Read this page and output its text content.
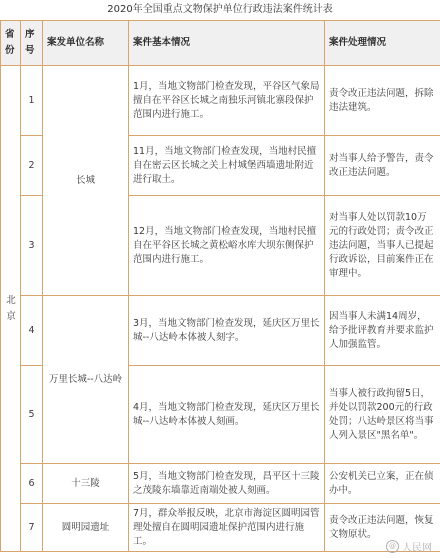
2020年全国重点文物保护单位行政违法案件统计表
省份	序号	案发单位名称	案件基本情况	案件处理情况
北京	1	长城	1月，当地文物部门检查发现，平谷区气象局擅自在平谷区长城之南独乐河镇北寨段保护范围内进行施工。	责令改正违法问题，拆除违法建筑。
	2		11月，当地文物部门检查发现，当地村民擅自在密云区长城之关上村城堡西墙遗址附近进行取土。	对当事人给予警告，责令改正违法问题。
	3		12月，当地文物部门检查发现，当地村民擅自在平谷区长城之黄松峪水库大坝东侧保护范围内进行施工。	对当事人处以罚款10万元的行政处罚；责令改正违法问题，当事人已提起行政诉讼，目前案件正在审理中。
	4	万里长城--八达岭	3月，当地文物部门检查发现，延庆区万里长城--八达岭本体被人刻字。	因当事人未满14周岁，给予批评教育并要求监护人加强监管。
	5		4月，当地文物部门检查发现，延庆区万里长城--八达岭本体被人刻画。	当事人被行政拘留5日，并处以罚款200元的行政处罚；八达岭景区将当事人列入景区"黑名单"。
	6	十三陵	5月，当地文物部门检查发现，昌平区十三陵之茂陵东墙靠近南端处被人刻画。	公安机关已立案，正在侦办中。
	7	圆明园遗址	7月，群众举报反映，北京市海淀区圆明园管理处擅自在圆明园遗址保护范围内进行施工。	责令改正违法问题，恢复文物原状。
@ 人民网
